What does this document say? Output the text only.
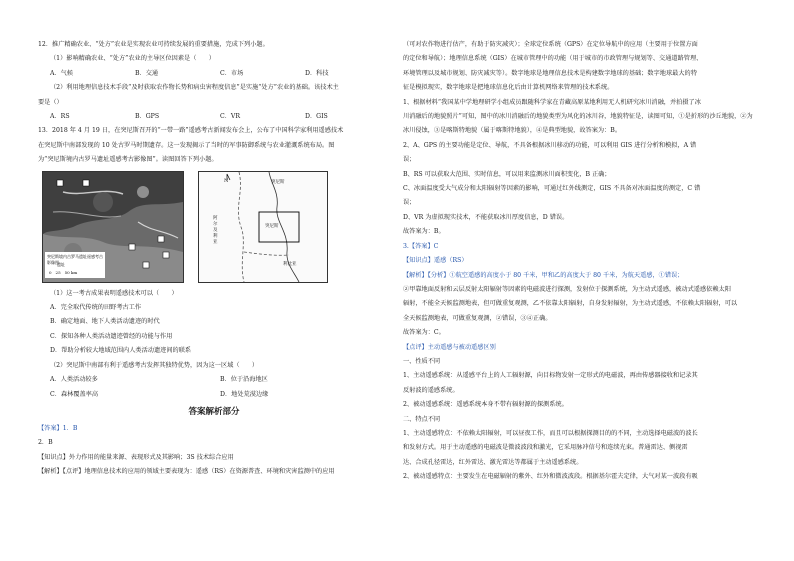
12．推广精确农业、“处方”农业是实现农业可持续发展的重要措施，完成下列小题。
（1）影响精确农业、“处方”农业的主导区位因素是（　　）
A．气候	B．交通	C．市场	D．科技
（2）利用地理信息技术手段“及时获取农作物长势和病虫害程度信息”是实施“处方”农业的基础。该技术主
要是（）
A．RS	B．GPS	C．VR	D．GIS
13．2018 年 4 月 19 日，在突尼斯召开的“一带一路”遥感考古新闻发布会上，公布了中国科学家利用遥感技术
在突尼斯中南部发现的 10 处古罗马时期遗存。这一发现揭示了当时的军事防御系统与农业灌溉系统布局。图
为“突尼斯境内古罗马遗址遥感考古影像图”。读图回答下列小题。
突尼斯境内古罗马遗址遥感考古影像图
遗址
0　25　50 km
N	突尼斯
阿尔及利亚
突尼斯
利比亚
（1）这一考古成果表明遥感技术可以（　　）
A．完全取代传统的田野考古工作
B．确定地面、地下人类活动遗迹的时代
C．探知各种人类活动遗迹曾经的功能与作用
D．帮助分析较大地域范围内人类活动遗迹间的联系
（2）突尼斯中南部有利于遥感考古发挥其独特优势，因为这一区域（　　）
A．人类活动较多	B．位于沿海地区
C．森林覆盖率高	D．地处荒漠边缘
答案解析部分
【答案】1．B
2．B
【知识点】外力作用的能量来源、表现形式及其影响；3S 技术综合应用
【解析】【点评】地理信息技术的应用的领域主要表现为：遥感（RS）在资源普查、环境和灾害监测中的应用
（可对农作物进行估产，有助于防灾减灾）；全球定位系统（GPS）在定位导航中的应用（主要用于位置方面
的定位和导航）；地理信息系统（GIS）在城市管理中的功能（用于城市的市政管理与规划等、交通道路管理、
环境管理以及城市规划、防灾减灾等）。数字地球是地理信息技术是构建数字地球的基础；数字地球最大的特
征是模拟现实，数字地球是把地球信息化后由计算机网络来管理的技术系统。
1、根据材料“我国某中学地理研学小组成员跟随科学家在青藏高原某地利用无人机研究冰川消融，并拍摄了冰
川消融后的地貌照片”可知，图中的冰川消融后的地貌类型为风化的冰川谷，地貌特征是，读图可知，①是折形的沙丘地貌，②为
冰川侵蚀，③是喀斯特地貌（属于喀斯特地貌），④是典型地貌，故答案为：B。
2、A、GPS 的主要功能是定位、导航，不具备根据冰川移动的功能，可以利用 GIS 进行分析和模拟，A 错
误；
B、RS 可以获取大范围、实时信息，可以用来监测冰川面积变化，B 正确；
C、冰面温度受大气成分和太阳辐射等因素的影响，可通过红外线测定，GIS 不具备对冰面温度的测定，C 错
误；
D、VR 为虚拟现实技术，不能获取冰川厚度信息，D 错误。
故答案为：B。
3.【答案】C
【知识点】遥感（RS）
【解析】【分析】①航空遥感的高度小于 80 千米，甲和乙的高度大于 80 千米，为航天遥感，①错误；
②甲靠地面反射和云层反射太阳辐射等因素的电磁波进行探测，发射位于探测系统，为主动式遥感，被动式遥感依赖太阳
辐射，不能全天候监测地表，但可做重复观测，乙不依靠太阳辐射，自身发射辐射，为主动式遥感，不依赖太阳辐射，可以
全天候监测地表，可做重复观测，②错误，③④正确。
故答案为：C。
【点评】主动遥感与被动遥感区别
一、性质不同
1、主动遥感系统：从遥感平台上的人工辐射源，向目标物发射一定形式的电磁波，再由传感器接收和记录其
反射波的遥感系统。
2、被动遥感系统：遥感系统本身不带有辐射源的探测系统。
二、特点不同
1、主动遥感特点：不依赖太阳辐射，可以昼夜工作，而且可以根据探测目的的不同，主动选择电磁波的波长
和发射方式。用于主动遥感的电磁波是微波波段和激光，它采用脉冲信号和连续光束。普通雷达、侧视雷
达、合成孔径雷达，红外雷达、激光雷达等都属于主动遥感系统。
2、被动遥感特点：主要发生在电磁辐射的紫外、红外和微波波段。根据基尔霍夫定律，大气对某一波段有吸
